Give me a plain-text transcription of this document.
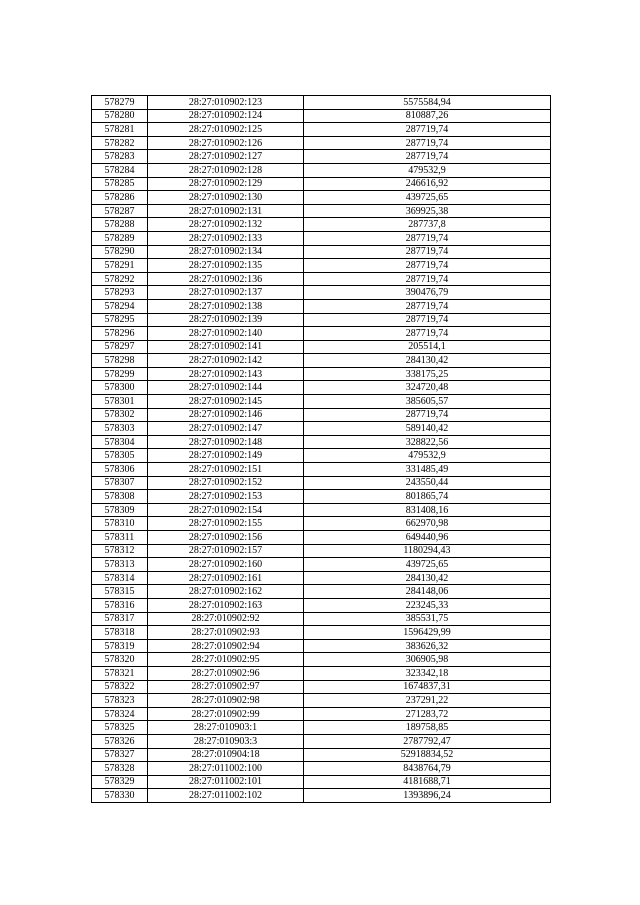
578279	28:27:010902:123	5575584,94
578280	28:27:010902:124	810887,26
578281	28:27:010902:125	287719,74
578282	28:27:010902:126	287719,74
578283	28:27:010902:127	287719,74
578284	28:27:010902:128	479532,9
578285	28:27:010902:129	246616,92
578286	28:27:010902:130	439725,65
578287	28:27:010902:131	369925,38
578288	28:27:010902:132	287737,8
578289	28:27:010902:133	287719,74
578290	28:27:010902:134	287719,74
578291	28:27:010902:135	287719,74
578292	28:27:010902:136	287719,74
578293	28:27:010902:137	390476,79
578294	28:27:010902:138	287719,74
578295	28:27:010902:139	287719,74
578296	28:27:010902:140	287719,74
578297	28:27:010902:141	205514,1
578298	28:27:010902:142	284130,42
578299	28:27:010902:143	338175,25
578300	28:27:010902:144	324720,48
578301	28:27:010902:145	385605,57
578302	28:27:010902:146	287719,74
578303	28:27:010902:147	589140,42
578304	28:27:010902:148	328822,56
578305	28:27:010902:149	479532,9
578306	28:27:010902:151	331485,49
578307	28:27:010902:152	243550,44
578308	28:27:010902:153	801865,74
578309	28:27:010902:154	831408,16
578310	28:27:010902:155	662970,98
578311	28:27:010902:156	649440,96
578312	28:27:010902:157	1180294,43
578313	28:27:010902:160	439725,65
578314	28:27:010902:161	284130,42
578315	28:27:010902:162	284148,06
578316	28:27:010902:163	223245,33
578317	28:27:010902:92	385531,75
578318	28:27:010902:93	1596429,99
578319	28:27:010902:94	383626,32
578320	28:27:010902:95	306905,98
578321	28:27:010902:96	323342,18
578322	28:27:010902:97	1674837,31
578323	28:27:010902:98	237291,22
578324	28:27:010902:99	271283,72
578325	28:27:010903:1	189758,85
578326	28:27:010903:3	2787792,47
578327	28:27:010904:18	52918834,52
578328	28:27:011002:100	8438764,79
578329	28:27:011002:101	4181688,71
578330	28:27:011002:102	1393896,24
